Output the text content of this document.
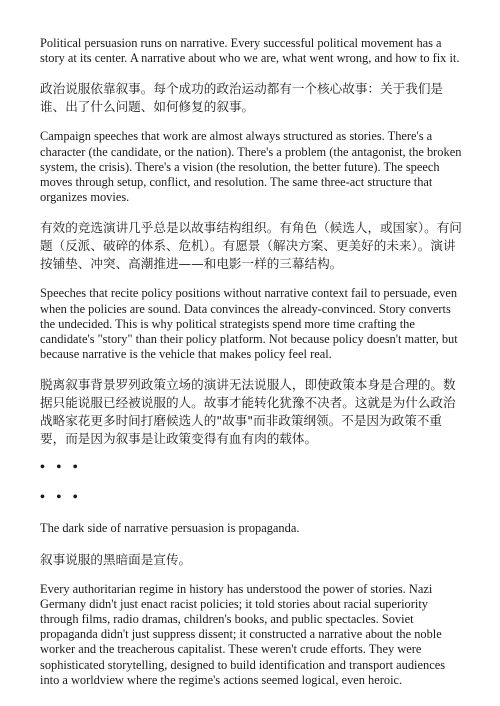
Political persuasion runs on narrative. Every successful political movement has a story at its center. A narrative about who we are, what went wrong, and how to fix it.

政治说服依靠叙事。每个成功的政治运动都有一个核心故事：关于我们是谁、出了什么问题、如何修复的叙事。

Campaign speeches that work are almost always structured as stories. There's a character (the candidate, or the nation). There's a problem (the antagonist, the broken system, the crisis). There's a vision (the resolution, the better future). The speech moves through setup, conflict, and resolution. The same three-act structure that organizes movies.

有效的竞选演讲几乎总是以故事结构组织。有角色（候选人，或国家）。有问题（反派、破碎的体系、危机）。有愿景（解决方案、更美好的未来）。演讲按铺垫、冲突、高潮推进——和电影一样的三幕结构。

Speeches that recite policy positions without narrative context fail to persuade, even when the policies are sound. Data convinces the already-convinced. Story converts the undecided. This is why political strategists spend more time crafting the candidate's "story" than their policy platform. Not because policy doesn't matter, but because narrative is the vehicle that makes policy feel real.

脱离叙事背景罗列政策立场的演讲无法说服人，即使政策本身是合理的。数据只能说服已经被说服的人。故事才能转化犹豫不决者。这就是为什么政治战略家花更多时间打磨候选人的"故事"而非政策纲领。不是因为政策不重要，而是因为叙事是让政策变得有血有肉的载体。

• • •

• • •

The dark side of narrative persuasion is propaganda.

叙事说服的黑暗面是宣传。

Every authoritarian regime in history has understood the power of stories. Nazi Germany didn't just enact racist policies; it told stories about racial superiority through films, radio dramas, children's books, and public spectacles. Soviet propaganda didn't just suppress dissent; it constructed a narrative about the noble worker and the treacherous capitalist. These weren't crude efforts. They were sophisticated storytelling, designed to build identification and transport audiences into a worldview where the regime's actions seemed logical, even heroic.
